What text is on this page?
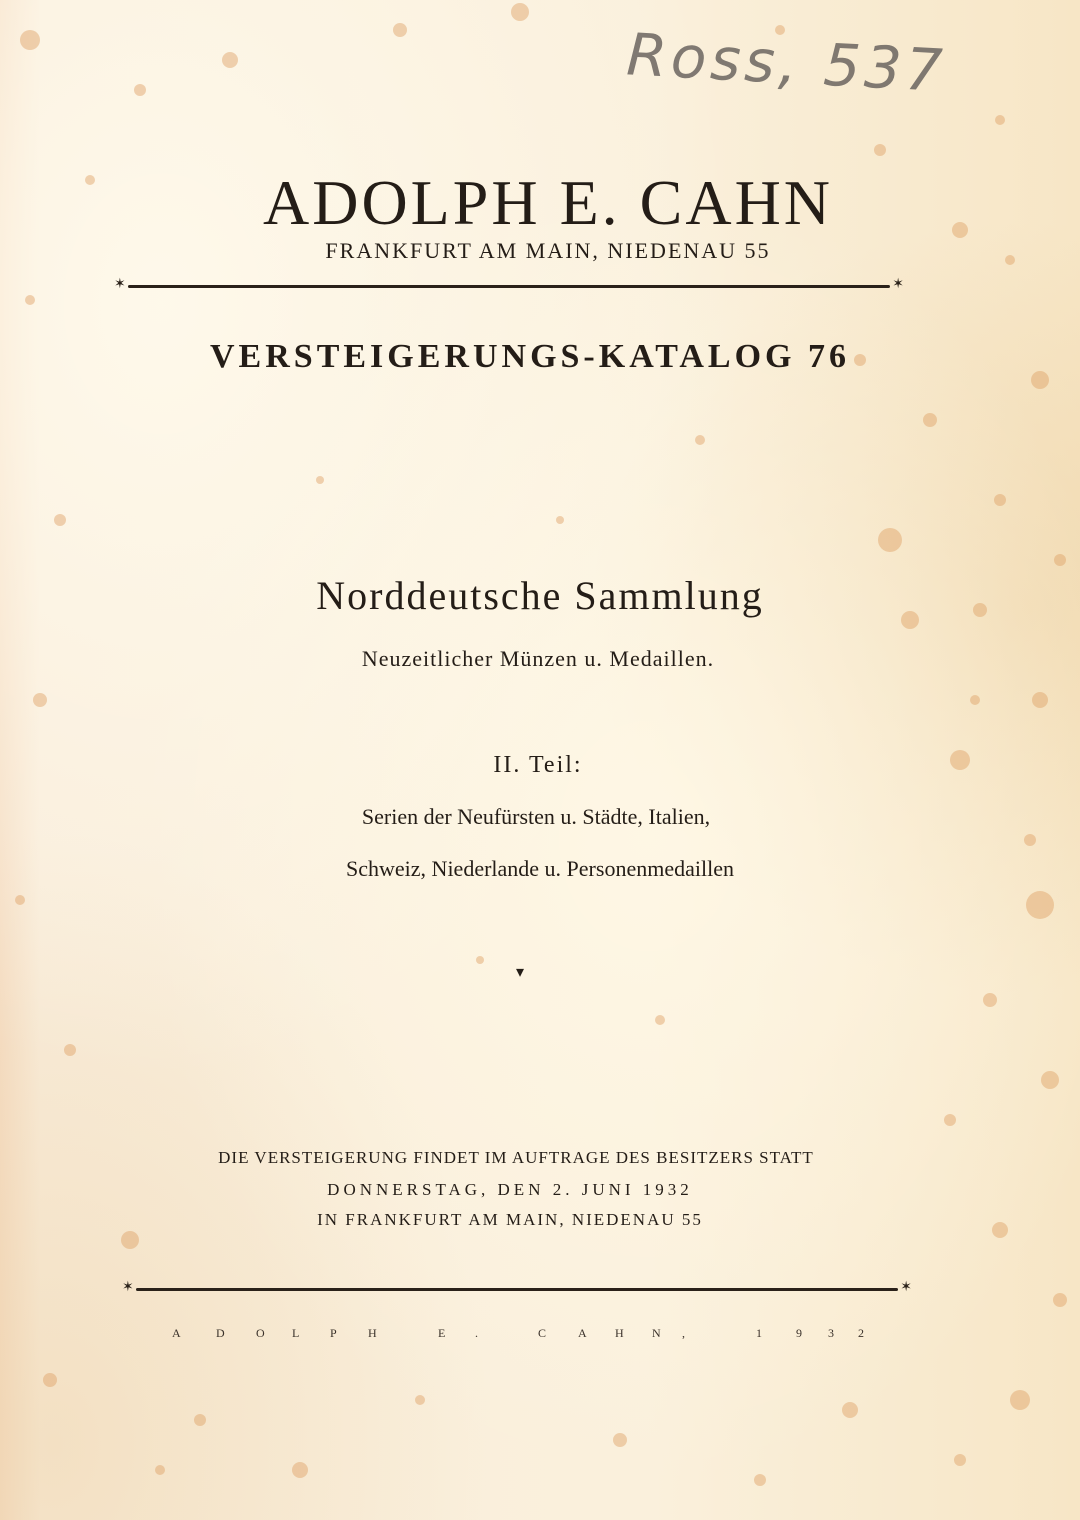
Ross, 537
ADOLPH E. CAHN
FRANKFURT AM MAIN, NIEDENAU 55
✶	✶
VERSTEIGERUNGS-KATALOG 76
Norddeutsche Sammlung
Neuzeitlicher Münzen u. Medaillen.
II. Teil:
Serien der Neufürsten u. Städte, Italien,
Schweiz, Niederlande u. Personenmedaillen
▾
DIE VERSTEIGERUNG FINDET IM AUFTRAGE DES BESITZERS STATT
DONNERSTAG, DEN 2. JUNI 1932
IN FRANKFURT AM MAIN, NIEDENAU 55
✶	✶
A	D	O L	P	H	E .	C	A H N ,	1	9 3 2
